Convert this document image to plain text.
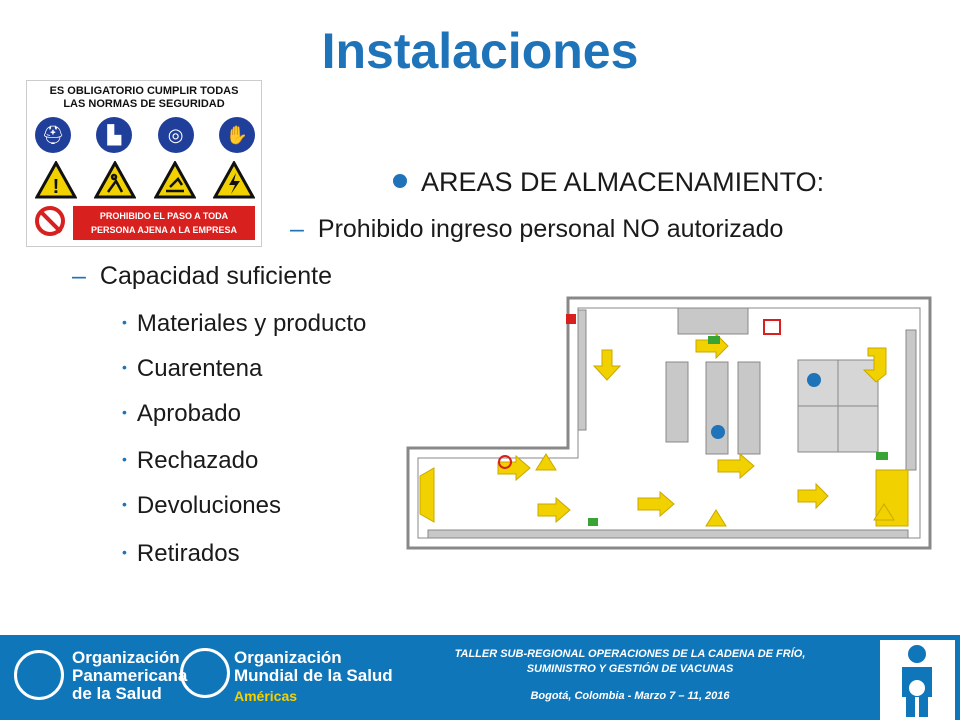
Instalaciones
ES OBLIGATORIO CUMPLIR TODAS
LAS NORMAS DE SEGURIDAD
⛑	▙	◎	✋
!
PROHIBIDO EL PASO A TODA
PERSONA AJENA A LA EMPRESA
AREAS DE ALMACENAMIENTO:
– Prohibido ingreso personal NO autorizado
– Capacidad suficiente
• Materiales y producto
• Cuarentena
• Aprobado
• Rechazado
• Devoluciones
• Retirados
Organización
Panamericana
de la Salud
Organización
Mundial de la Salud
Américas
TALLER SUB-REGIONAL OPERACIONES DE LA CADENA DE FRÍO,
SUMINISTRO Y GESTIÓN DE VACUNAS
Bogotá, Colombia - Marzo 7 – 11, 2016
